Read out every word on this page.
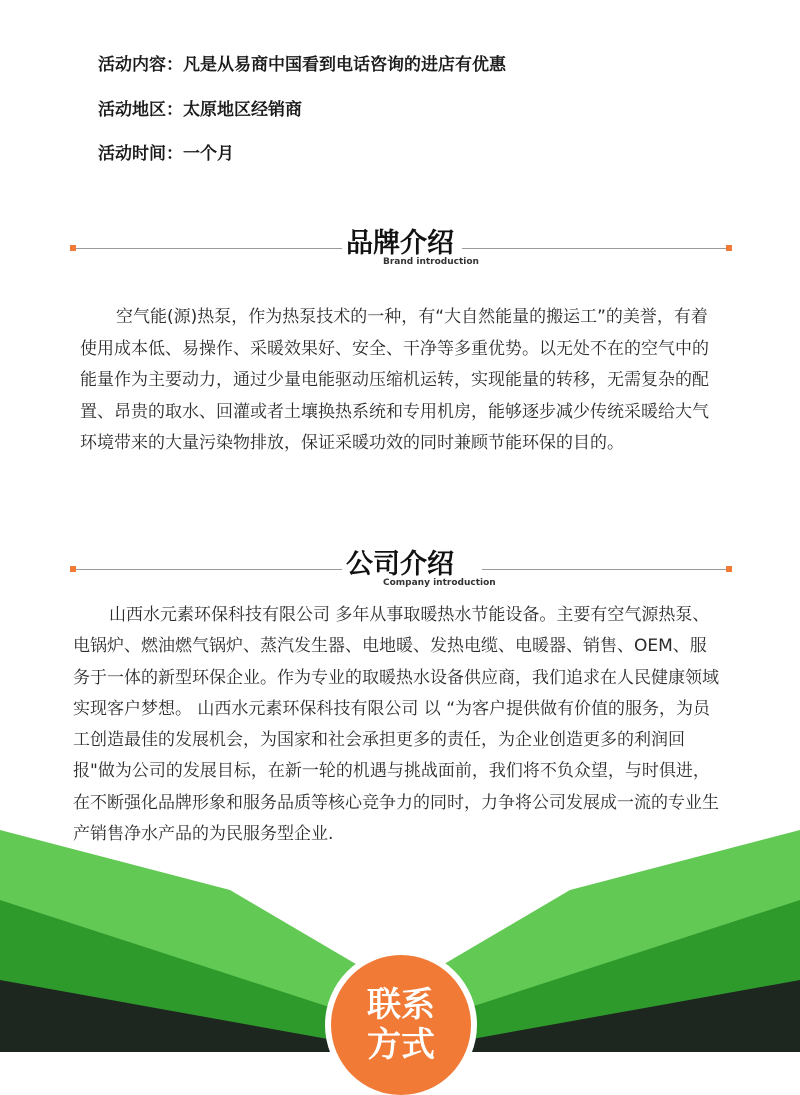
活动内容：凡是从易商中国看到电话咨询的进店有优惠
活动地区：太原地区经销商
活动时间：一个月
品牌介绍
Brand introduction

空气能(源)热泵，作为热泵技术的一种，有“大自然能量的搬运工”的美誉，有着使用成本低、易操作、采暖效果好、安全、干净等多重优势。以无处不在的空气中的能量作为主要动力，通过少量电能驱动压缩机运转，实现能量的转移，无需复杂的配置、昂贵的取水、回灌或者土壤换热系统和专用机房，能够逐步减少传统采暖给大气环境带来的大量污染物排放，保证采暖功效的同时兼顾节能环保的目的。

公司介绍
Company introduction

山西水元素环保科技有限公司 多年从事取暖热水节能设备。主要有空气源热泵、电锅炉、燃油燃气锅炉、蒸汽发生器、电地暖、发热电缆、电暖器、销售、OEM、服务于一体的新型环保企业。作为专业的取暖热水设备供应商，我们追求在人民健康领域实现客户梦想。 山西水元素环保科技有限公司 以 “为客户提供做有价值的服务，为员工创造最佳的发展机会，为国家和社会承担更多的责任，为企业创造更多的利润回报"做为公司的发展目标，在新一轮的机遇与挑战面前，我们将不负众望，与时俱进，在不断强化品牌形象和服务品质等核心竞争力的同时，力争将公司发展成一流的专业生产销售净水产品的为民服务型企业.

联系
方式
